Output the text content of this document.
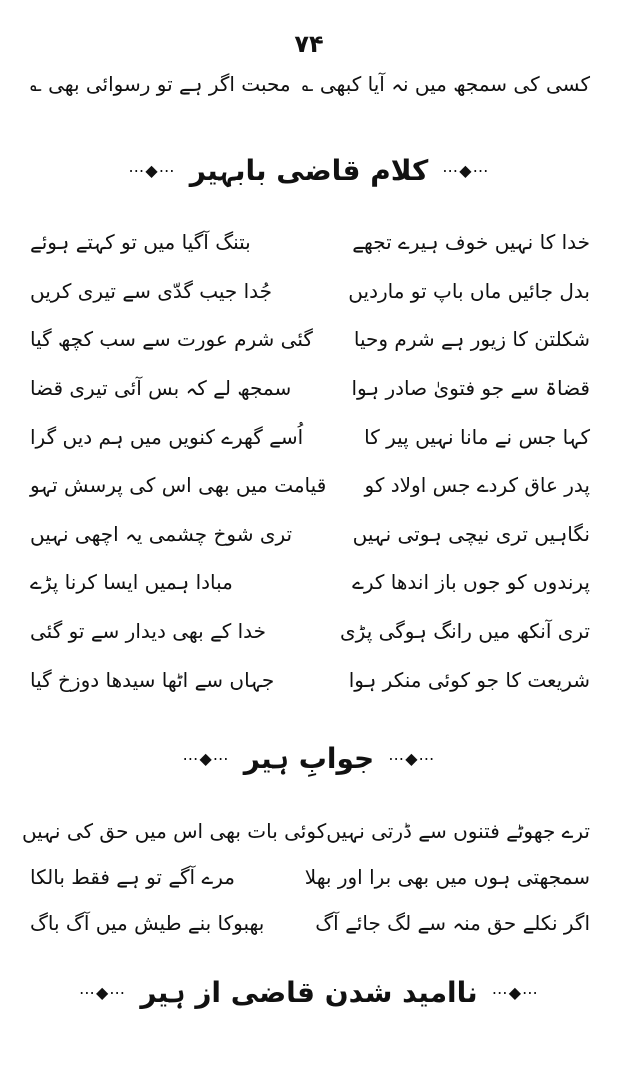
۷۴
کسی کی سمجھ میں نہ آیا کبھی ؎
محبت اگر ہے تو رسوائی بھی ؎
⋯◆⋯
کلام قاضی بابہیر
⋯◆⋯
خدا کا نہیں خوف ہیرے تجھے
بتنگ آگیا میں تو کہتے ہوئے
بدل جائیں ماں باپ تو ماردیں
جُدا جیب گدّی سے تیری کریں
شکلتن کا زیور ہے شرم وحیا
گئی شرم عورت سے سب کچھ گیا
قضاۃ سے جو فتویٰ صادر ہوا
سمجھ لے کہ بس آئی تیری قضا
کہا جس نے مانا نہیں پیر کا
اُسے گھرے کنویں میں ہم دیں گرا
پدر عاق کردے جس اولاد کو
قیامت میں بھی اس کی پرسش تہو
نگاہیں تری نیچی ہوتی نہیں
تری شوخ چشمی یہ اچھی نہیں
پرندوں کو جوں باز اندھا کرے
مبادا ہمیں ایسا کرنا پڑے
تری آنکھ میں رانگ ہوگی پڑی
خدا کے بھی دیدار سے تو گئی
شریعت کا جو کوئی منکر ہوا
جہاں سے اٹھا سیدھا دوزخ گیا
⋯◆⋯
جوابِ ہیر
⋯◆⋯
ترے جھوٹے فتنوں سے ڈرتی نہیں
کوئی بات بھی اس میں حق کی نہیں
سمجھتی ہوں میں بھی برا اور بھلا
مرے آگے تو ہے فقط بالکا
اگر نکلے حق منہ سے لگ جائے آگ
بھبوکا بنے طیش میں آگ باگ
⋯◆⋯
ناامید شدن قاضی از ہیر
⋯◆⋯
